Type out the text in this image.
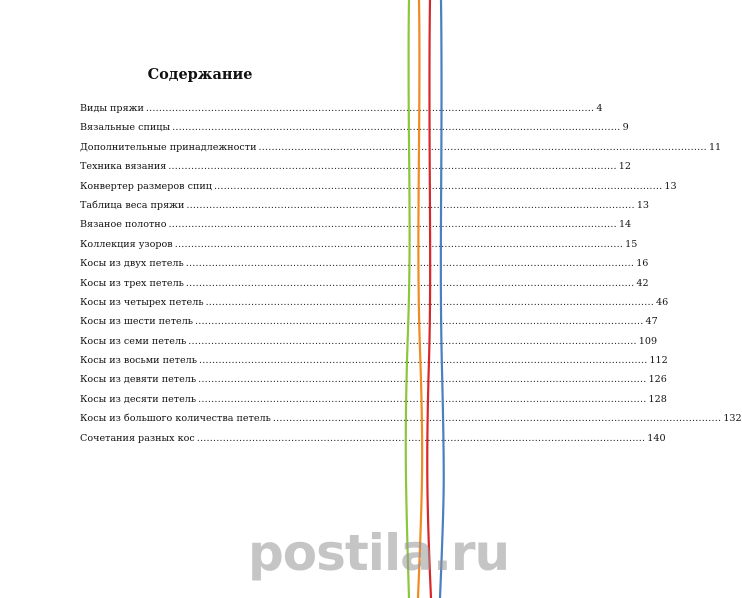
Содержание
Виды пряжи .....	4
Вязальные спицы .....	9
Дополнительные принадлежности .....	11
Техника вязания .....	12
Конвертер размеров спиц .....	13
Таблица веса пряжи .....	13
Вязаное полотно .....	14
Коллекция узоров .....	15
Косы из двух петель .....	16
Косы из трех петель .....	42
Косы из четырех петель .....	46
Косы из шести петель .....	47
Косы из семи петель .....	109
Косы из восьми петель .....	112
Косы из девяти петель .....	126
Косы из десяти петель .....	128
Косы из большого количества петель .....	132
Сочетания разных кос .....	140

postila.ru
